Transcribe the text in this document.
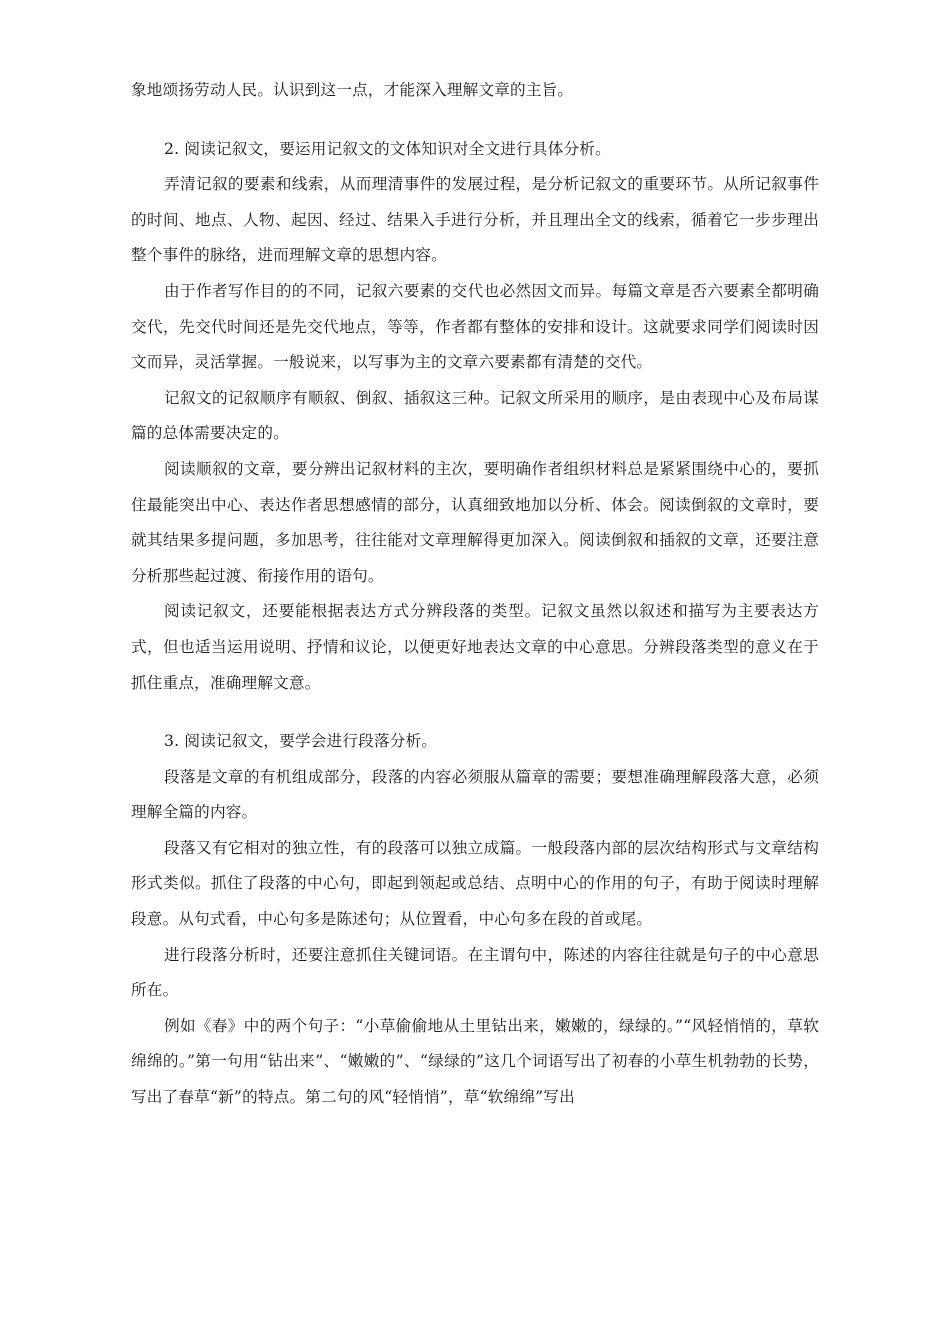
象地颂扬劳动人民。认识到这一点，才能深入理解文章的主旨。

2. 阅读记叙文，要运用记叙文的文体知识对全文进行具体分析。

弄清记叙的要素和线索，从而理清事件的发展过程，是分析记叙文的重要环节。从所记叙事件的时间、地点、人物、起因、经过、结果入手进行分析，并且理出全文的线索，循着它一步步理出整个事件的脉络，进而理解文章的思想内容。

由于作者写作目的的不同，记叙六要素的交代也必然因文而异。每篇文章是否六要素全都明确交代，先交代时间还是先交代地点，等等，作者都有整体的安排和设计。这就要求同学们阅读时因文而异，灵活掌握。一般说来，以写事为主的文章六要素都有清楚的交代。

记叙文的记叙顺序有顺叙、倒叙、插叙这三种。记叙文所采用的顺序，是由表现中心及布局谋篇的总体需要决定的。

阅读顺叙的文章，要分辨出记叙材料的主次，要明确作者组织材料总是紧紧围绕中心的，要抓住最能突出中心、表达作者思想感情的部分，认真细致地加以分析、体会。阅读倒叙的文章时，要就其结果多提问题，多加思考，往往能对文章理解得更加深入。阅读倒叙和插叙的文章，还要注意分析那些起过渡、衔接作用的语句。

阅读记叙文，还要能根据表达方式分辨段落的类型。记叙文虽然以叙述和描写为主要表达方式，但也适当运用说明、抒情和议论，以便更好地表达文章的中心意思。分辨段落类型的意义在于抓住重点，准确理解文意。

3. 阅读记叙文，要学会进行段落分析。

段落是文章的有机组成部分，段落的内容必须服从篇章的需要；要想准确理解段落大意，必须理解全篇的内容。

段落又有它相对的独立性，有的段落可以独立成篇。一般段落内部的层次结构形式与文章结构形式类似。抓住了段落的中心句，即起到领起或总结、点明中心的作用的句子，有助于阅读时理解段意。从句式看，中心句多是陈述句；从位置看，中心句多在段的首或尾。

进行段落分析时，还要注意抓住关键词语。在主谓句中，陈述的内容往往就是句子的中心意思所在。

例如《春》中的两个句子：“小草偷偷地从土里钻出来，嫩嫩的，绿绿的。”“风轻悄悄的，草软绵绵的。”第一句用“钻出来”、“嫩嫩的”、“绿绿的”这几个词语写出了初春的小草生机勃勃的长势，写出了春草“新”的特点。第二句的风“轻悄悄”，草“软绵绵”写出
